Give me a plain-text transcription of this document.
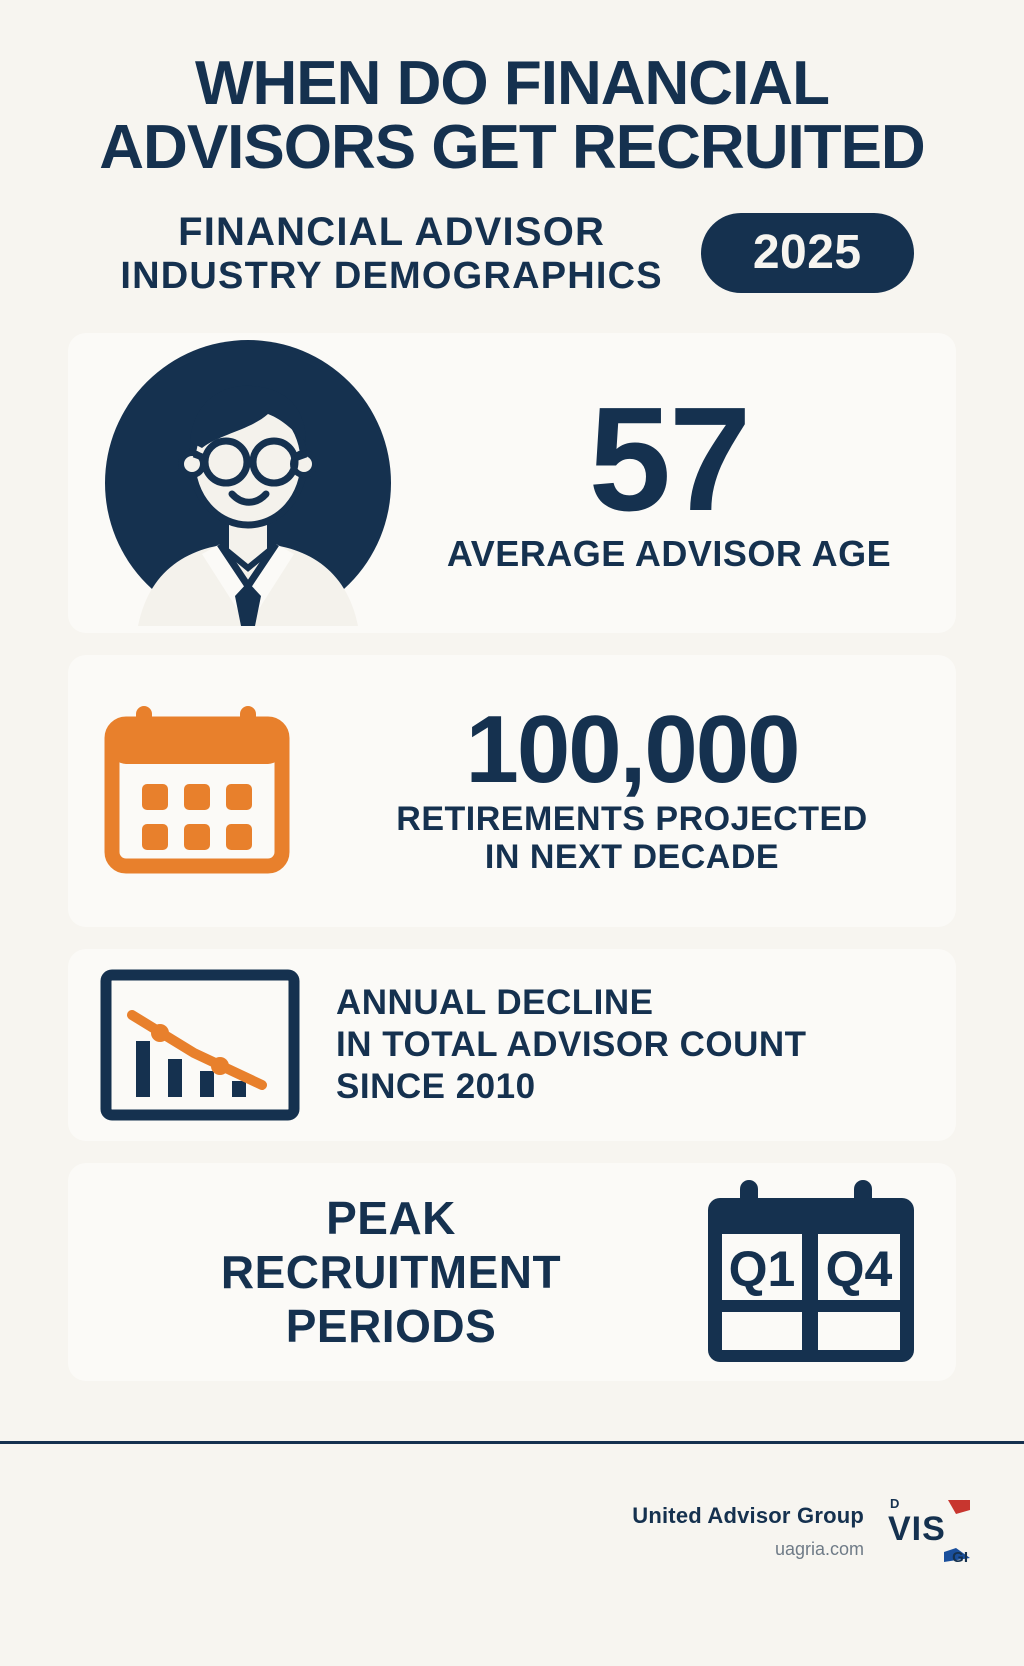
WHEN DO FINANCIAL
ADVISORS GET RECRUITED
FINANCIAL ADVISOR
INDUSTRY DEMOGRAPHICS	2025
57
AVERAGE ADVISOR AGE
100,000
RETIREMENTS PROJECTED
IN NEXT DECADE
ANNUAL DECLINE
IN TOTAL ADVISOR COUNT
SINCE 2010
PEAK
RECRUITMENT
PERIODS
Q1 Q4
United Advisor Group
uagria.com
D
VIS
GI
